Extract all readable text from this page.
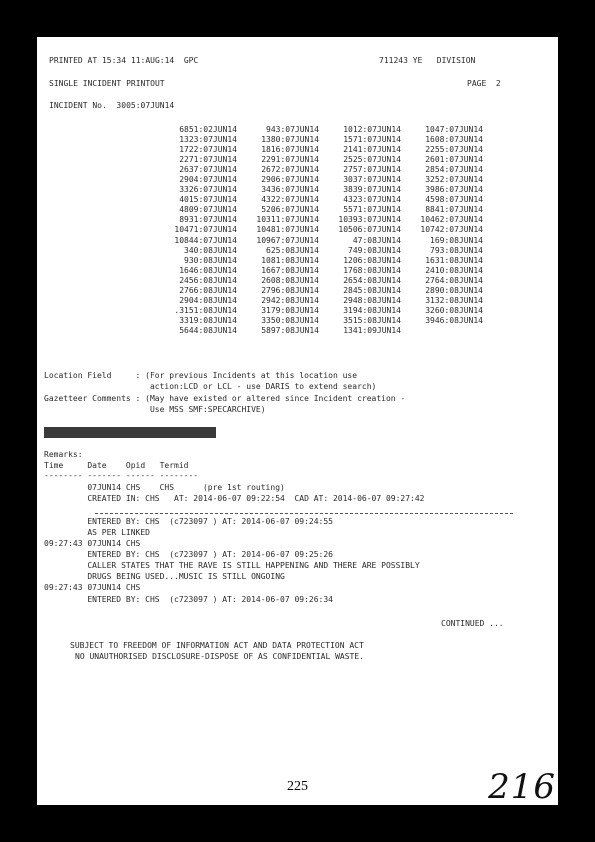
PRINTED AT 15:34 11:AUG:14  GPC	711243 YE   DIVISION
SINGLE INCIDENT PRINTOUT	PAGE  2
INCIDENT No.  3005:07JUN14
6851:02JUN14	943:07JUN14	1012:07JUN14	1047:07JUN14
1323:07JUN14	1380:07JUN14	1571:07JUN14	1608:07JUN14
1722:07JUN14	1816:07JUN14	2141:07JUN14	2255:07JUN14
2271:07JUN14	2291:07JUN14	2525:07JUN14	2601:07JUN14
2637:07JUN14	2672:07JUN14	2757:07JUN14	2854:07JUN14
2904:07JUN14	2906:07JUN14	3037:07JUN14	3252:07JUN14
3326:07JUN14	3436:07JUN14	3839:07JUN14	3986:07JUN14
4015:07JUN14	4322:07JUN14	4323:07JUN14	4598:07JUN14
4809:07JUN14	5206:07JUN14	5571:07JUN14	8841:07JUN14
8931:07JUN14 10311:07JUN14 10393:07JUN14 10462:07JUN14
10471:07JUN14 10481:07JUN14 10506:07JUN14 10742:07JUN14
10844:07JUN14 10967:07JUN14	47:08JUN14	169:08JUN14
340:08JUN14	625:08JUN14	749:08JUN14	793:08JUN14
930:08JUN14	1081:08JUN14	1206:08JUN14	1631:08JUN14
1646:08JUN14	1667:08JUN14	1768:08JUN14	2410:08JUN14
2456:08JUN14	2608:08JUN14	2654:08JUN14	2764:08JUN14
2766:08JUN14	2796:08JUN14	2845:08JUN14	2890:08JUN14
2904:08JUN14	2942:08JUN14	2948:08JUN14	3132:08JUN14
.3151:08JUN14	3179:08JUN14	3194:08JUN14	3260:08JUN14
3319:08JUN14	3350:08JUN14	3515:08JUN14	3946:08JUN14
5644:08JUN14	5897:08JUN14	1341:09JUN14
Location Field     : (For previous Incidents at this location use
action:LCD or LCL - use DARIS to extend search)
Gazetteer Comments : (May have existed or altered since Incident creation -
Use MSS SMF:SPECARCHIVE)
Remarks:
Time     Date    Opid   Termid
-------- ------- ------ --------
07JUN14 CHS    CHS      (pre 1st routing)
CREATED IN: CHS   AT: 2014-06-07 09:22:54  CAD AT: 2014-06-07 09:27:42
ENTERED BY: CHS  (c723097 ) AT: 2014-06-07 09:24:55
AS PER LINKED
09:27:43 07JUN14 CHS
ENTERED BY: CHS  (c723097 ) AT: 2014-06-07 09:25:26
CALLER STATES THAT THE RAVE IS STILL HAPPENING AND THERE ARE POSSIBLY
DRUGS BEING USED...MUSIC IS STILL ONGOING
09:27:43 07JUN14 CHS
ENTERED BY: CHS  (c723097 ) AT: 2014-06-07 09:26:34
CONTINUED ...
SUBJECT TO FREEDOM OF INFORMATION ACT AND DATA PROTECTION ACT
NO UNAUTHORISED DISCLOSURE-DISPOSE OF AS CONFIDENTIAL WASTE.
225	216
